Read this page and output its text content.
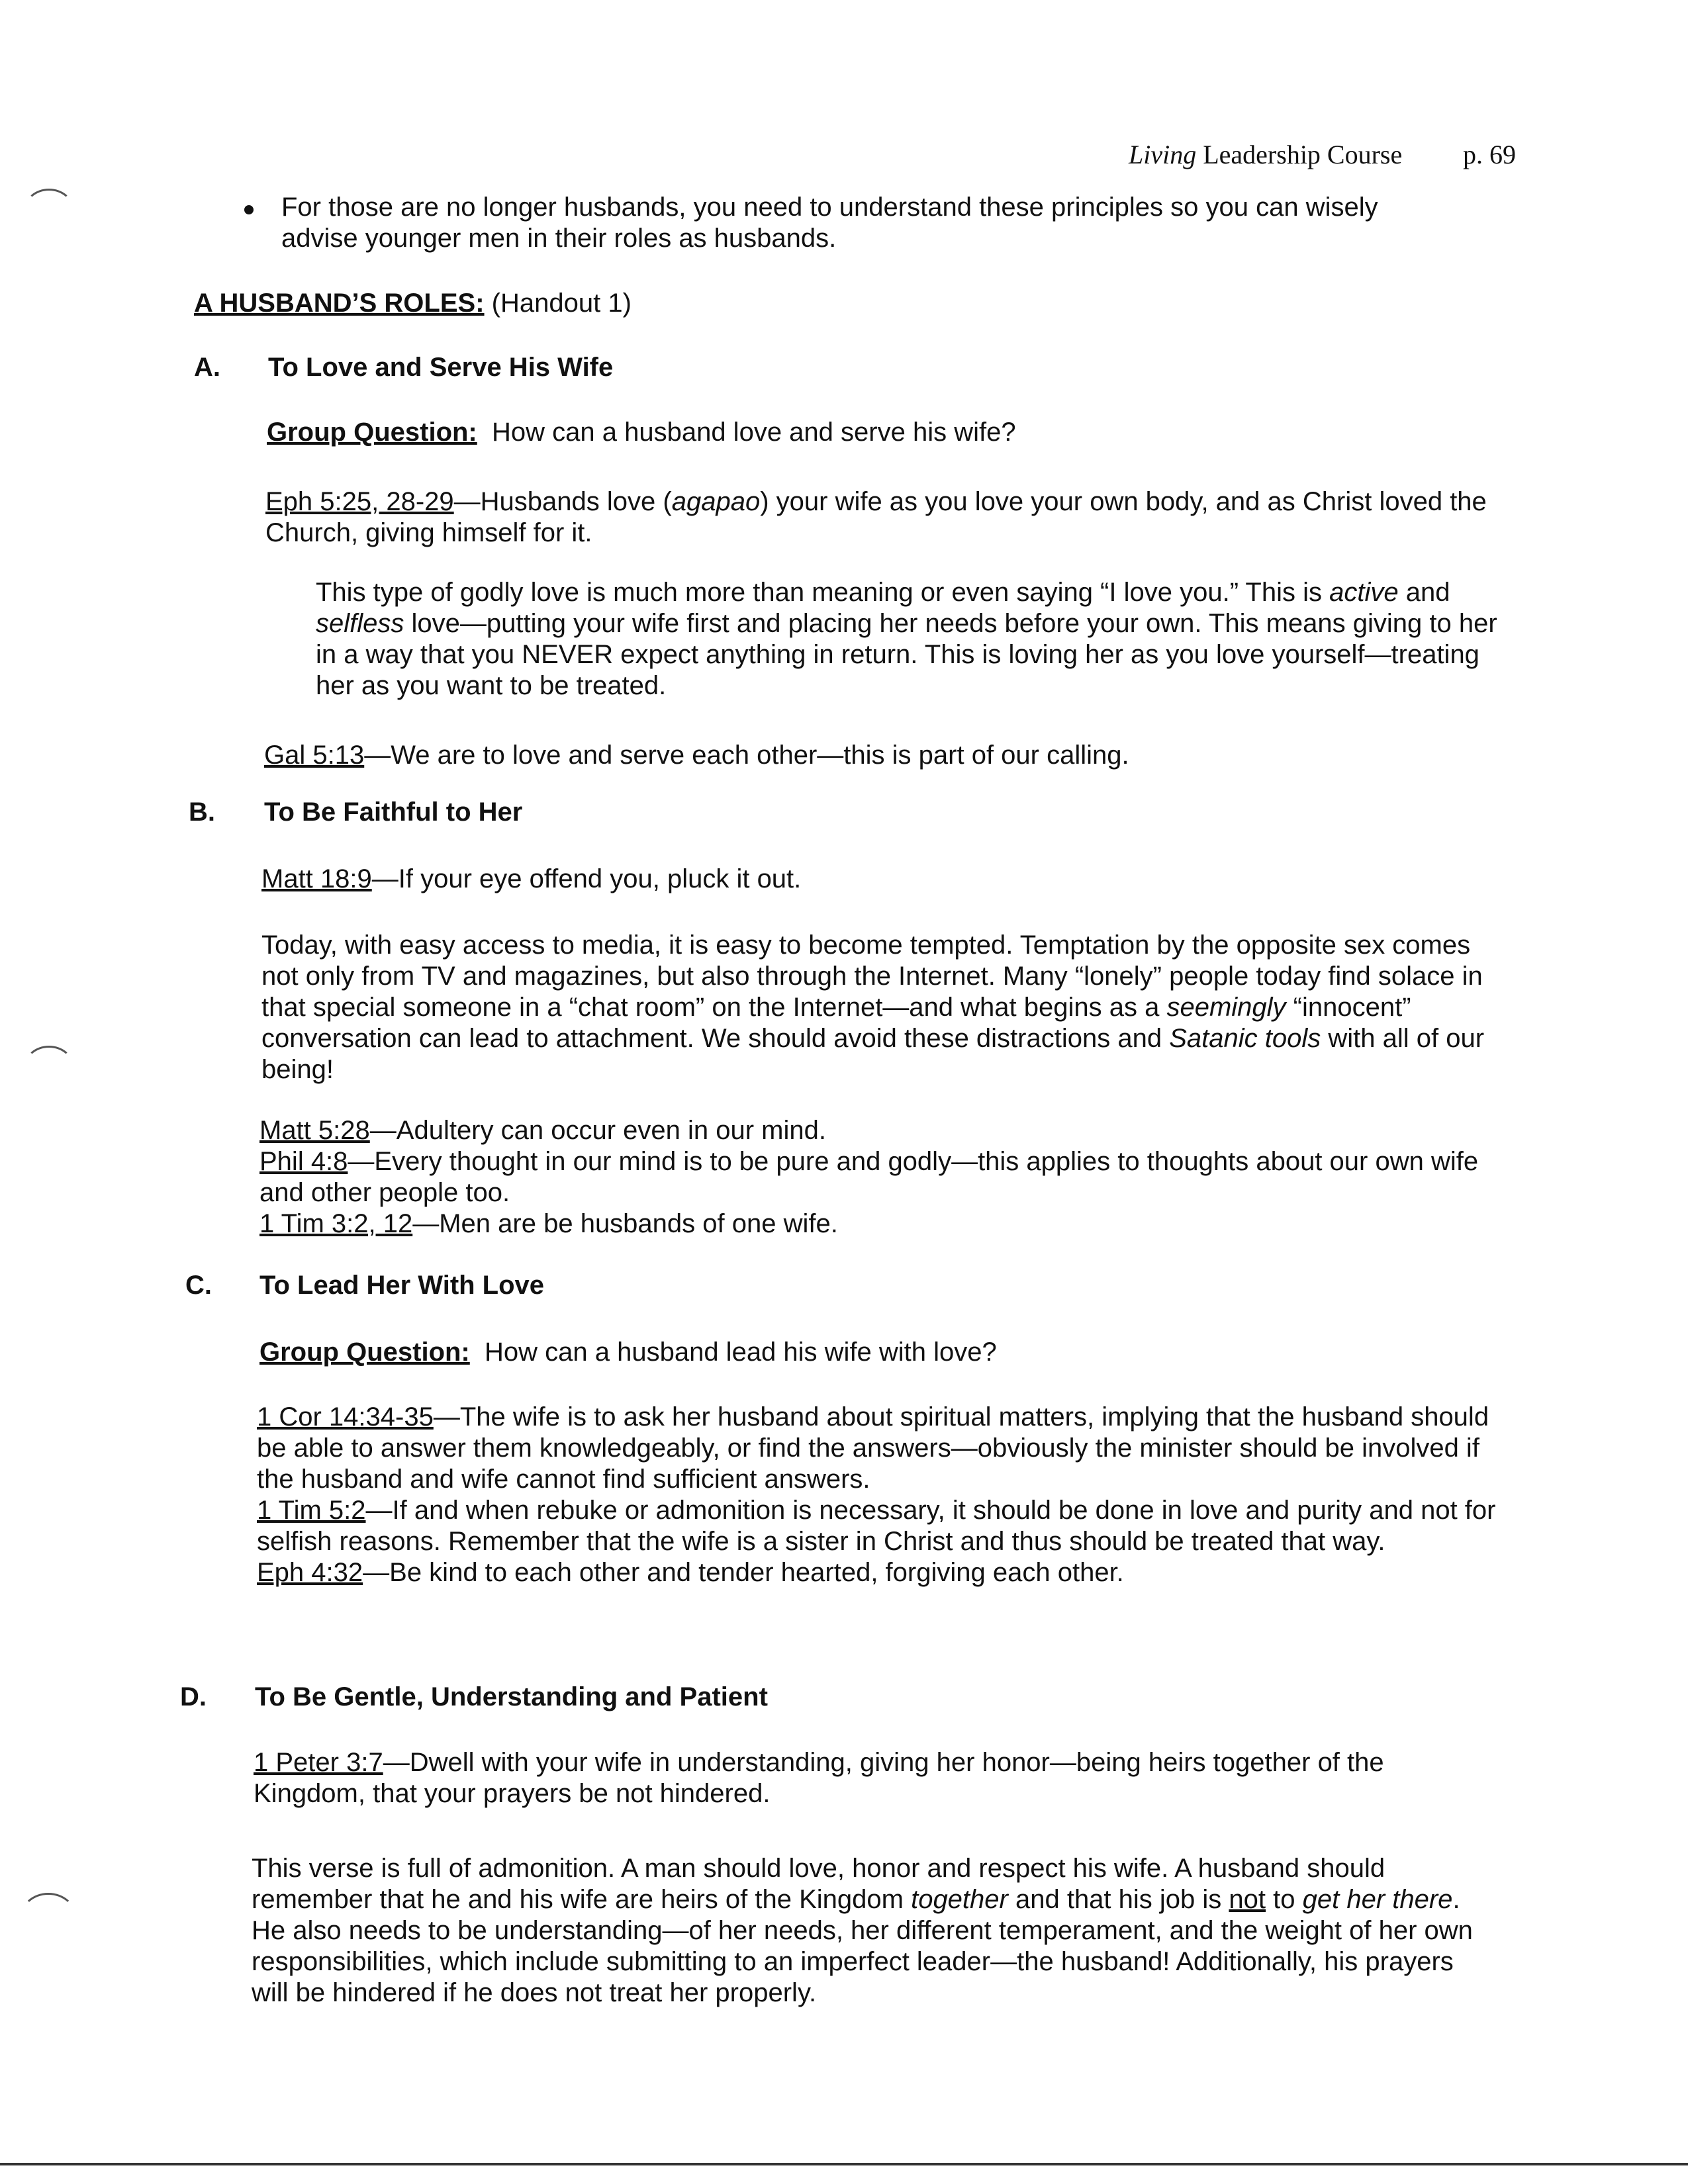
Living Leadership Course p. 69
For those are no longer husbands, you need to understand these principles so you can wisely advise younger men in their roles as husbands.
A HUSBAND’S ROLES: (Handout 1)
A. To Love and Serve His Wife
Group Question:  How can a husband love and serve his wife?
Eph 5:25, 28-29—Husbands love (agapao) your wife as you love your own body, and as Christ loved the Church, giving himself for it.
This type of godly love is much more than meaning or even saying “I love you.” This is active and selfless love—putting your wife first and placing her needs before your own. This means giving to her in a way that you NEVER expect anything in return. This is loving her as you love yourself—treating her as you want to be treated.
Gal 5:13—We are to love and serve each other—this is part of our calling.
B. To Be Faithful to Her
Matt 18:9—If your eye offend you, pluck it out.
Today, with easy access to media, it is easy to become tempted. Temptation by the opposite sex comes not only from TV and magazines, but also through the Internet. Many “lonely” people today find solace in that special someone in a “chat room” on the Internet—and what begins as a seemingly “innocent” conversation can lead to attachment. We should avoid these distractions and Satanic tools with all of our being!
Matt 5:28—Adultery can occur even in our mind.
Phil 4:8—Every thought in our mind is to be pure and godly—this applies to thoughts about our own wife and other people too.
1 Tim 3:2, 12—Men are be husbands of one wife.
C. To Lead Her With Love
Group Question:  How can a husband lead his wife with love?
1 Cor 14:34-35—The wife is to ask her husband about spiritual matters, implying that the husband should be able to answer them knowledgeably, or find the answers—obviously the minister should be involved if the husband and wife cannot find sufficient answers.
1 Tim 5:2—If and when rebuke or admonition is necessary, it should be done in love and purity and not for selfish reasons. Remember that the wife is a sister in Christ and thus should be treated that way.
Eph 4:32—Be kind to each other and tender hearted, forgiving each other.
D. To Be Gentle, Understanding and Patient
1 Peter 3:7—Dwell with your wife in understanding, giving her honor—being heirs together of the Kingdom, that your prayers be not hindered.
This verse is full of admonition. A man should love, honor and respect his wife. A husband should remember that he and his wife are heirs of the Kingdom together and that his job is not to get her there. He also needs to be understanding—of her needs, her different temperament, and the weight of her own responsibilities, which include submitting to an imperfect leader—the husband! Additionally, his prayers will be hindered if he does not treat her properly.
